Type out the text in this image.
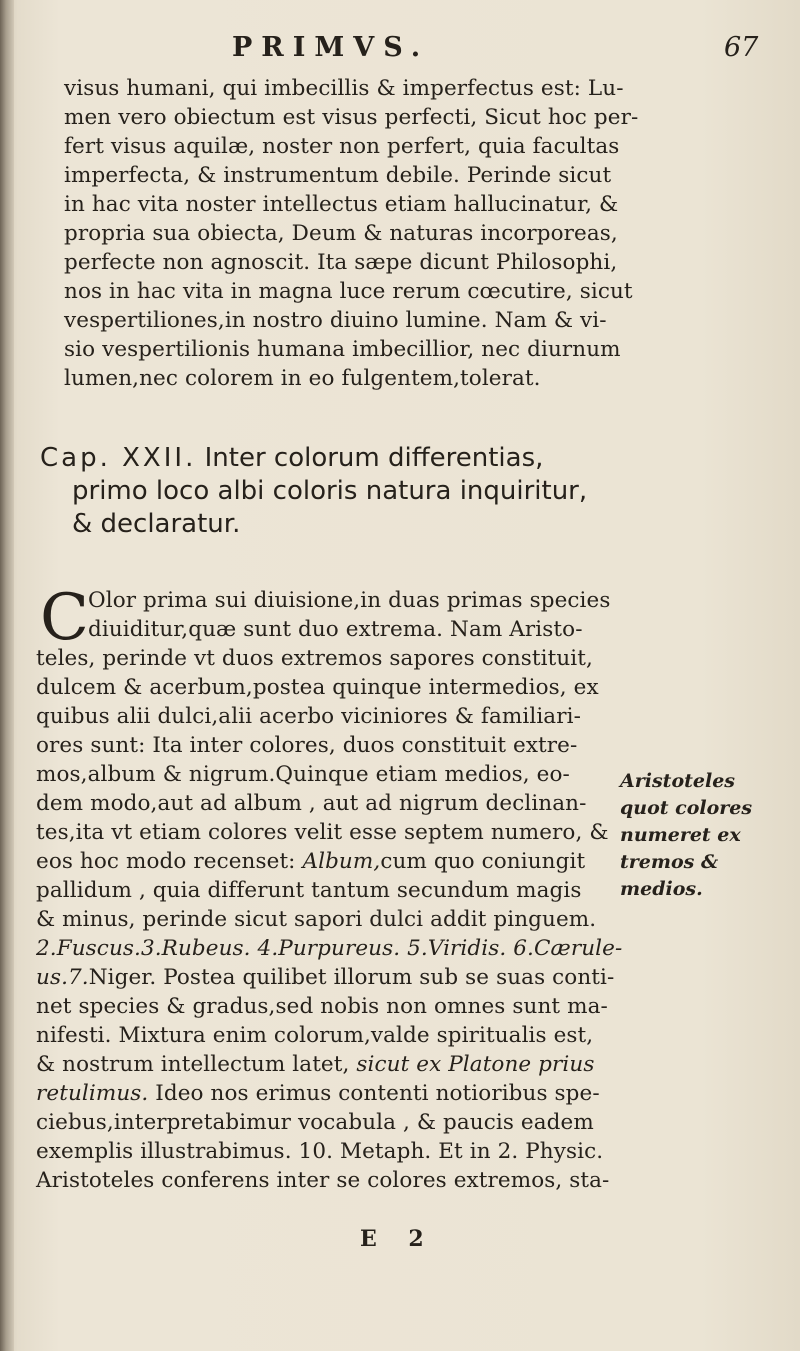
PRIMVS.	67
visus humani, qui imbecillis & imperfectus est: Lu-
men vero obiectum est visus perfecti, Sicut hoc per-
fert visus aquilæ, noster non perfert, quia facultas
imperfecta, & instrumentum debile. Perinde sicut
in hac vita noster intellectus etiam hallucinatur, &
propria sua obiecta, Deum & naturas incorporeas,
perfecte non agnoscit. Ita sæpe dicunt Philosophi,
nos in hac vita in magna luce rerum cœcutire, sicut
vespertiliones,in nostro diuino lumine. Nam & vi-
sio vespertilionis humana imbecillior, nec diurnum
lumen,nec colorem in eo fulgentem,tolerat.
Cap. XXII. Inter colorum differentias,
primo loco albi coloris natura inquiritur,
& declaratur.
C Olor prima sui diuisione,in duas primas species
diuiditur,quæ sunt duo extrema. Nam Aristo-
teles, perinde vt duos extremos sapores constituit,
dulcem & acerbum,postea quinque intermedios, ex
quibus alii dulci,alii acerbo viciniores & familiari-
ores sunt: Ita inter colores, duos constituit extre-
mos,album & nigrum.Quinque etiam medios, eo-
dem modo,aut ad album , aut ad nigrum declinan-
tes,ita vt etiam colores velit esse septem numero, &
eos hoc modo recenset: Album,cum quo coniungit
pallidum , quia differunt tantum secundum magis
& minus, perinde sicut sapori dulci addit pinguem.
2.Fuscus.3.Rubeus. 4.Purpureus. 5.Viridis. 6.Cærule-
us.7.Niger. Postea quilibet illorum sub se suas conti-
net species & gradus,sed nobis non omnes sunt ma-
nifesti. Mixtura enim colorum,valde spiritualis est,
& nostrum intellectum latet, sicut ex Platone prius
retulimus. Ideo nos erimus contenti notioribus spe-
ciebus,interpretabimur vocabula , & paucis eadem
exemplis illustrabimus. 10. Metaph. Et in 2. Physic.
Aristoteles conferens inter se colores extremos, sta-
Aristoteles
quot colores
numeret ex
tremos &
medios.
E 2
